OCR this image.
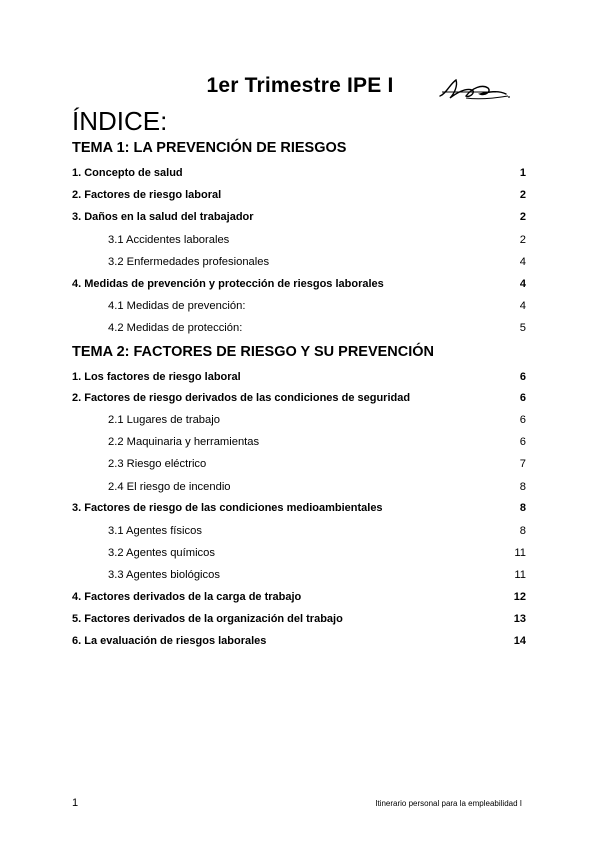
1er Trimestre IPE I
ÍNDICE:
TEMA 1: LA PREVENCIÓN DE RIESGOS
1. Concepto de salud	1
2. Factores de riesgo laboral	2
3. Daños en la salud del trabajador	2
3.1 Accidentes laborales	2
3.2 Enfermedades profesionales	4
4. Medidas de prevención y protección de riesgos laborales	4
4.1 Medidas de prevención:	4
4.2 Medidas de protección:	5
TEMA 2: FACTORES DE RIESGO Y SU PREVENCIÓN
1. Los factores de riesgo laboral	6
2. Factores de riesgo derivados de las condiciones de seguridad	6
2.1 Lugares de trabajo	6
2.2 Maquinaria y herramientas	6
2.3 Riesgo eléctrico	7
2.4 El riesgo de incendio	8
3. Factores de riesgo de las condiciones medioambientales	8
3.1 Agentes físicos	8
3.2 Agentes químicos	11
3.3 Agentes biológicos	11
4. Factores derivados de la carga de trabajo	12
5. Factores derivados de la organización del trabajo	13
6. La evaluación de riesgos laborales	14
1	Itinerario personal para la empleabilidad I
